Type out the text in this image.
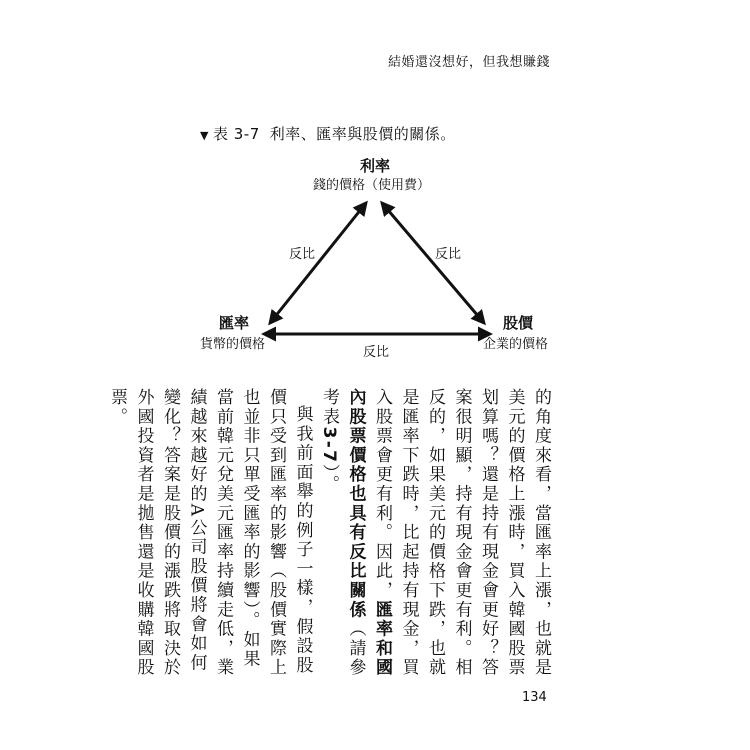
結婚還沒想好，但我想賺錢
▼ 表 3-7 利率、匯率與股價的關係。
利率
錢的價格（使用費）
匯率
貨幣的價格
股價
企業的價格
反比	反比
反比

的角度來看，當匯率上漲，也就是美元的價格上漲時，買入韓國股票划算嗎？還是持有現金會更好？答案很明顯，持有現金會更有利。相反的，如果美元的價格下跌，也就是匯率下跌時，比起持有現金，買入股票會更有利。因此，匯率和國內股票價格也具有反比關係（請參考表3-7）。

與我前面舉的例子一樣，假設股價只受到匯率的影響（股價實際上也並非只單受匯率的影響）。如果當前韓元兌美元匯率持續走低，業績越來越好的A公司股價將會如何變化？答案是股價的漲跌將取決於外國投資者是拋售還是收購韓國股票。

134
